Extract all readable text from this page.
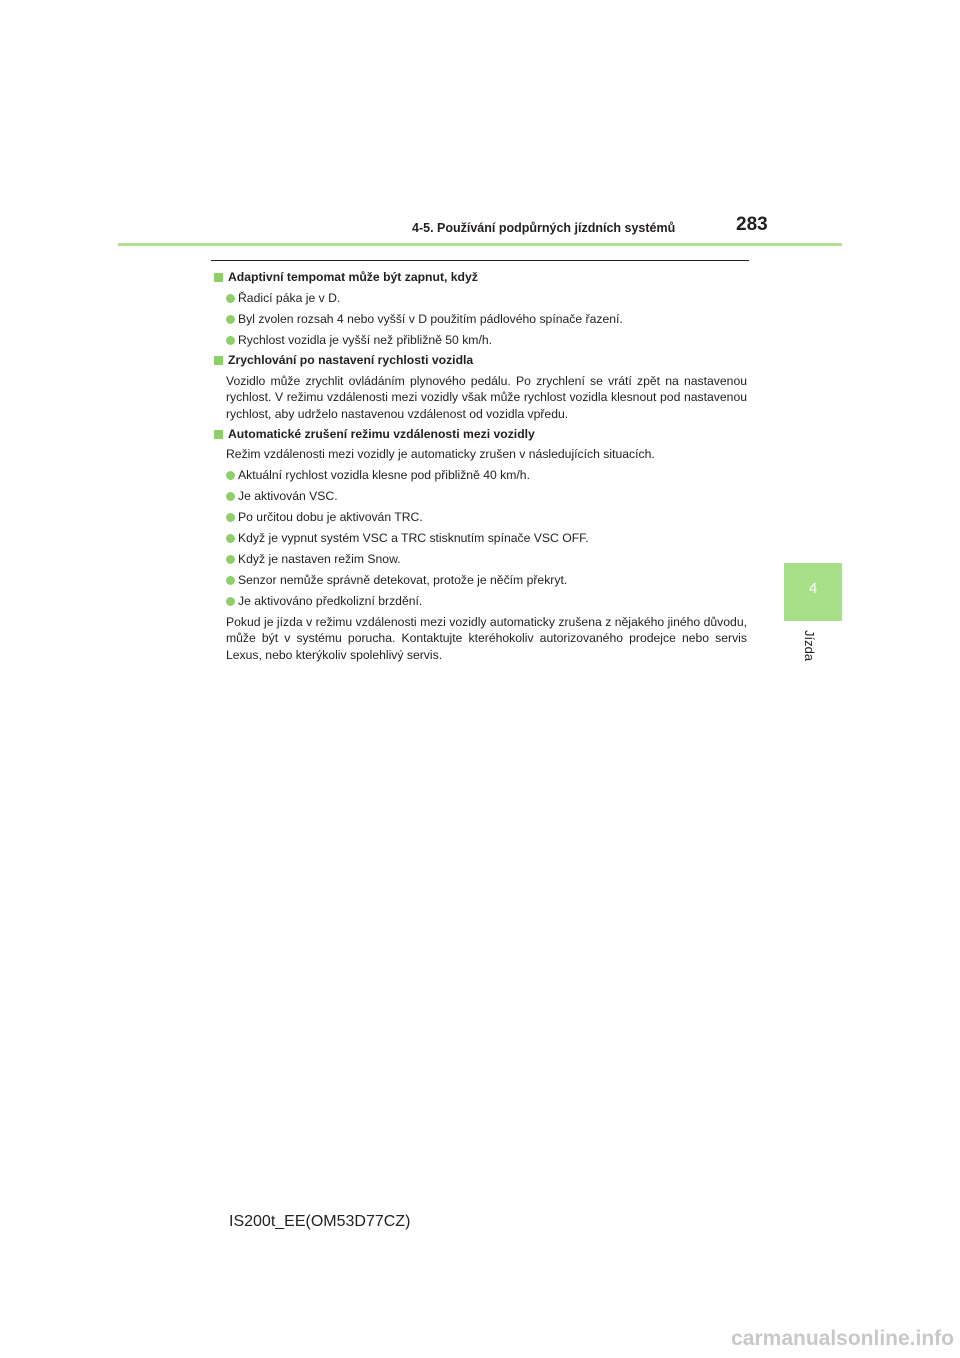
4-5. Používání podpůrných jízdních systémů	283
4
Jízda
Adaptivní tempomat může být zapnut, když
Řadicí páka je v D.
Byl zvolen rozsah 4 nebo vyšší v D použitím pádlového spínače řazení.
Rychlost vozidla je vyšší než přibližně 50 km/h.
Zrychlování po nastavení rychlosti vozidla
Vozidlo může zrychlit ovládáním plynového pedálu. Po zrychlení se vrátí zpět na nastavenou rychlost. V režimu vzdálenosti mezi vozidly však může rychlost vozidla klesnout pod nastavenou rychlost, aby udrželo nastavenou vzdálenost od vozidla vpředu.
Automatické zrušení režimu vzdálenosti mezi vozidly
Režim vzdálenosti mezi vozidly je automaticky zrušen v následujících situacích.
Aktuální rychlost vozidla klesne pod přibližně 40 km/h.
Je aktivován VSC.
Po určitou dobu je aktivován TRC.
Když je vypnut systém VSC a TRC stisknutím spínače VSC OFF.
Když je nastaven režim Snow.
Senzor nemůže správně detekovat, protože je něčím překryt.
Je aktivováno předkolizní brzdění.
Pokud je jízda v režimu vzdálenosti mezi vozidly automaticky zrušena z nějakého jiného důvodu, může být v systému porucha. Kontaktujte kteréhokoliv autorizovaného prodejce nebo servis Lexus, nebo kterýkoliv spolehlivý servis.
IS200t_EE(OM53D77CZ)
carmanualsonline.info
